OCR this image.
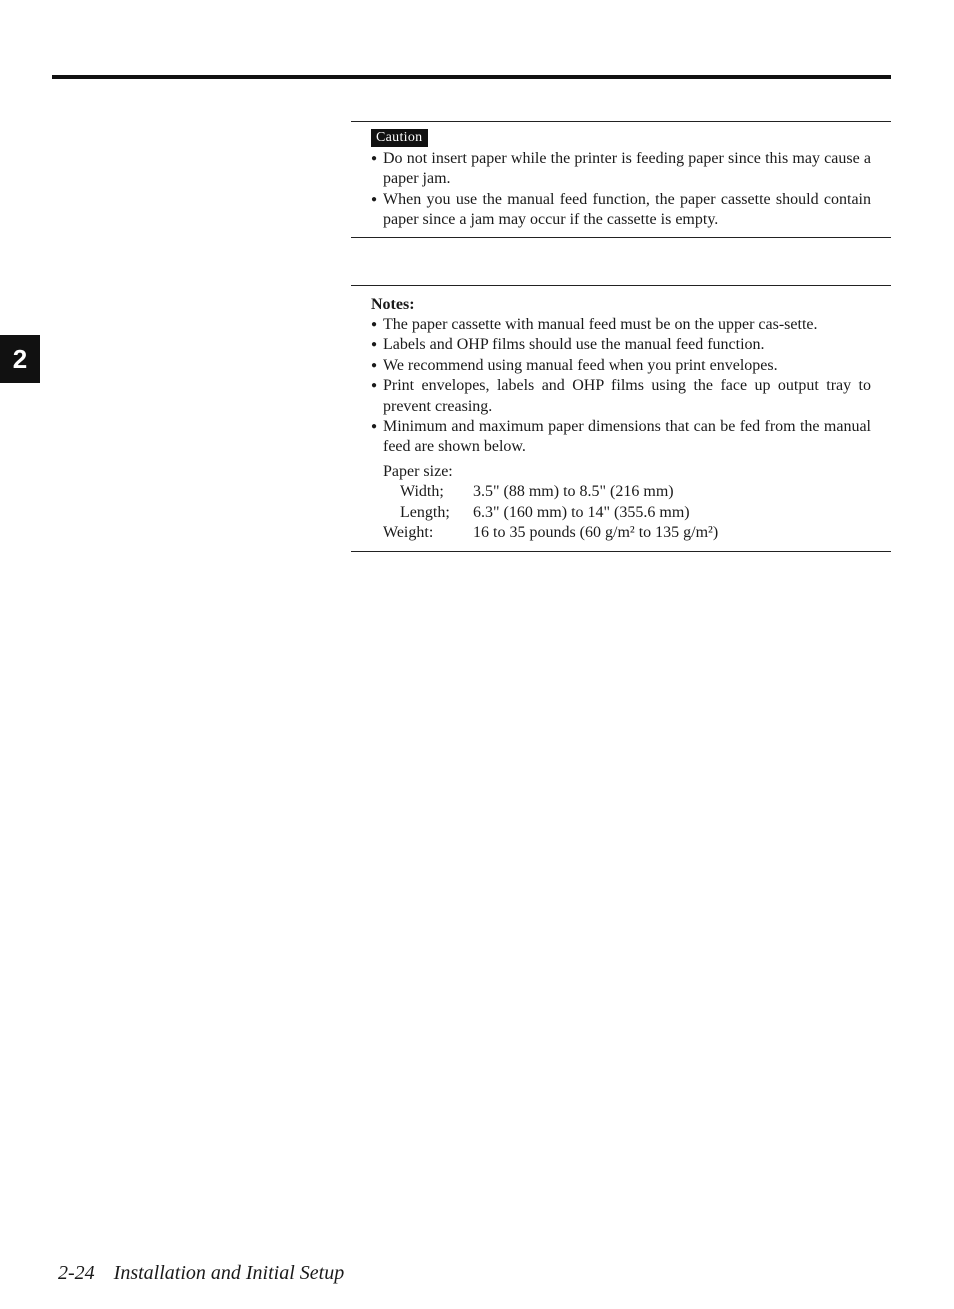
2
Caution
● Do not insert paper while the printer is feeding paper since this may cause a paper jam.
● When you use the manual feed function, the paper cassette should contain paper since a jam may occur if the cassette is empty.
Notes:
● The paper cassette with manual feed must be on the upper cas-sette.
● Labels and OHP films should use the manual feed function.
● We recommend using manual feed when you print envelopes.
● Print envelopes, labels and OHP films using the face up output tray to prevent creasing.
● Minimum and maximum paper dimensions that can be fed from the manual feed are shown below.
Paper size:
Width;	3.5" (88 mm) to 8.5" (216 mm)
Length;	6.3" (160 mm) to 14" (355.6 mm)
Weight:	16 to 35 pounds (60 g/m² to 135 g/m²)
2-24 Installation and Initial Setup
